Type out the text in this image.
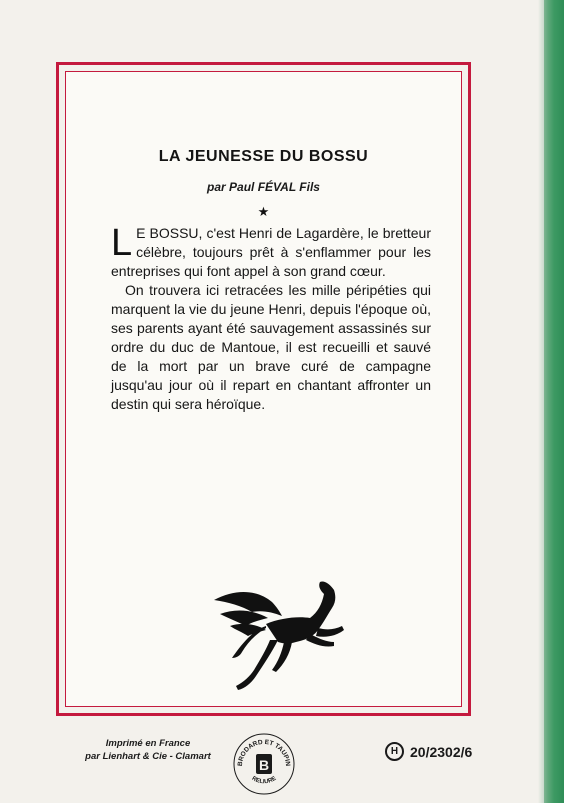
LA JEUNESSE DU BOSSU
par Paul FÉVAL Fils
★

L E BOSSU, c'est Henri de Lagardère, le bretteur célèbre, toujours prêt à s'enflammer pour les entreprises qui font appel à son grand cœur.

On trouvera ici retracées les mille péripéties qui marquent la vie du jeune Henri, depuis l'époque où, ses parents ayant été sauvagement assassinés sur ordre du duc de Mantoue, il est recueilli et sauvé de la mort par un brave curé de campagne jusqu'au jour où il repart en chantant affronter un destin qui sera héroïque.

Imprimé en France
par Lienhart & Cie - Clamart
BRODARD ET TAUPIN
RELIURE
B
H 20/2302/6
